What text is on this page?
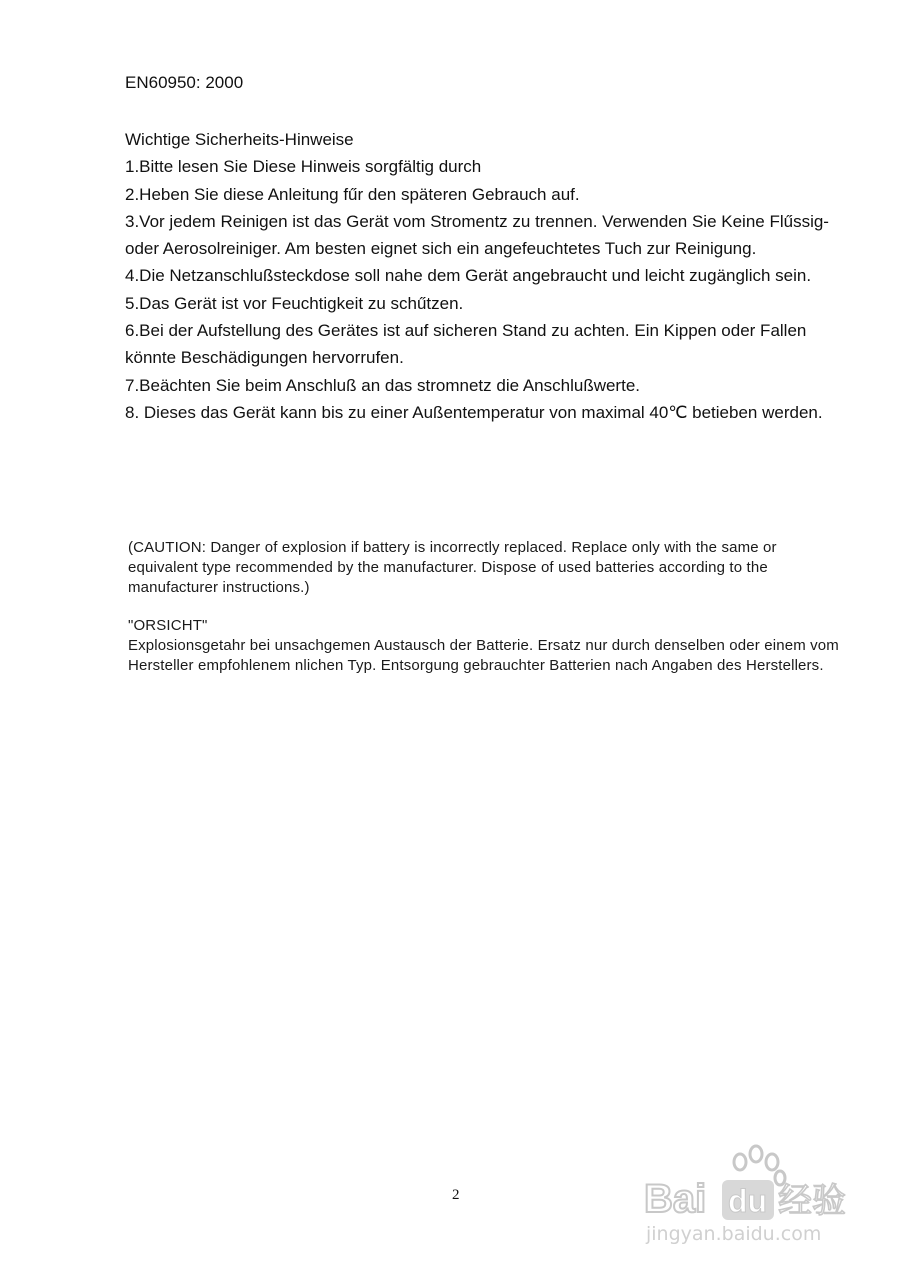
EN60950: 2000

Wichtige Sicherheits-Hinweise

1.Bitte lesen Sie Diese Hinweis sorgfältig durch

2.Heben Sie diese Anleitung fűr den späteren Gebrauch auf.

3.Vor jedem Reinigen ist das Gerät vom Stromentz zu trennen. Verwenden Sie Keine Flűssig-oder Aerosolreiniger. Am besten eignet sich ein angefeuchtetes Tuch zur Reinigung.

4.Die Netzanschlußsteckdose soll nahe dem Gerät angebraucht und leicht zugänglich sein.

5.Das Gerät ist vor Feuchtigkeit zu schűtzen.

6.Bei der Aufstellung des Gerätes ist auf sicheren Stand zu achten. Ein Kippen oder Fallen könnte Beschädigungen hervorrufen.

7.Beächten Sie beim Anschluß an das stromnetz die Anschlußwerte.

8. Dieses das Gerät kann bis zu einer Außentemperatur von maximal 40℃ betieben werden.

(CAUTION: Danger of explosion if battery is incorrectly replaced. Replace only with the same or equivalent type recommended by the manufacturer. Dispose of used batteries according to the manufacturer instructions.)

"ORSICHT"

Explosionsgetahr bei unsachgemen Austausch der Batterie. Ersatz nur durch denselben oder einem vom Hersteller empfohlenem nlichen Typ. Entsorgung gebrauchter Batterien nach Angaben des Herstellers.

2	Bai du 经验
jingyan.baidu.com
